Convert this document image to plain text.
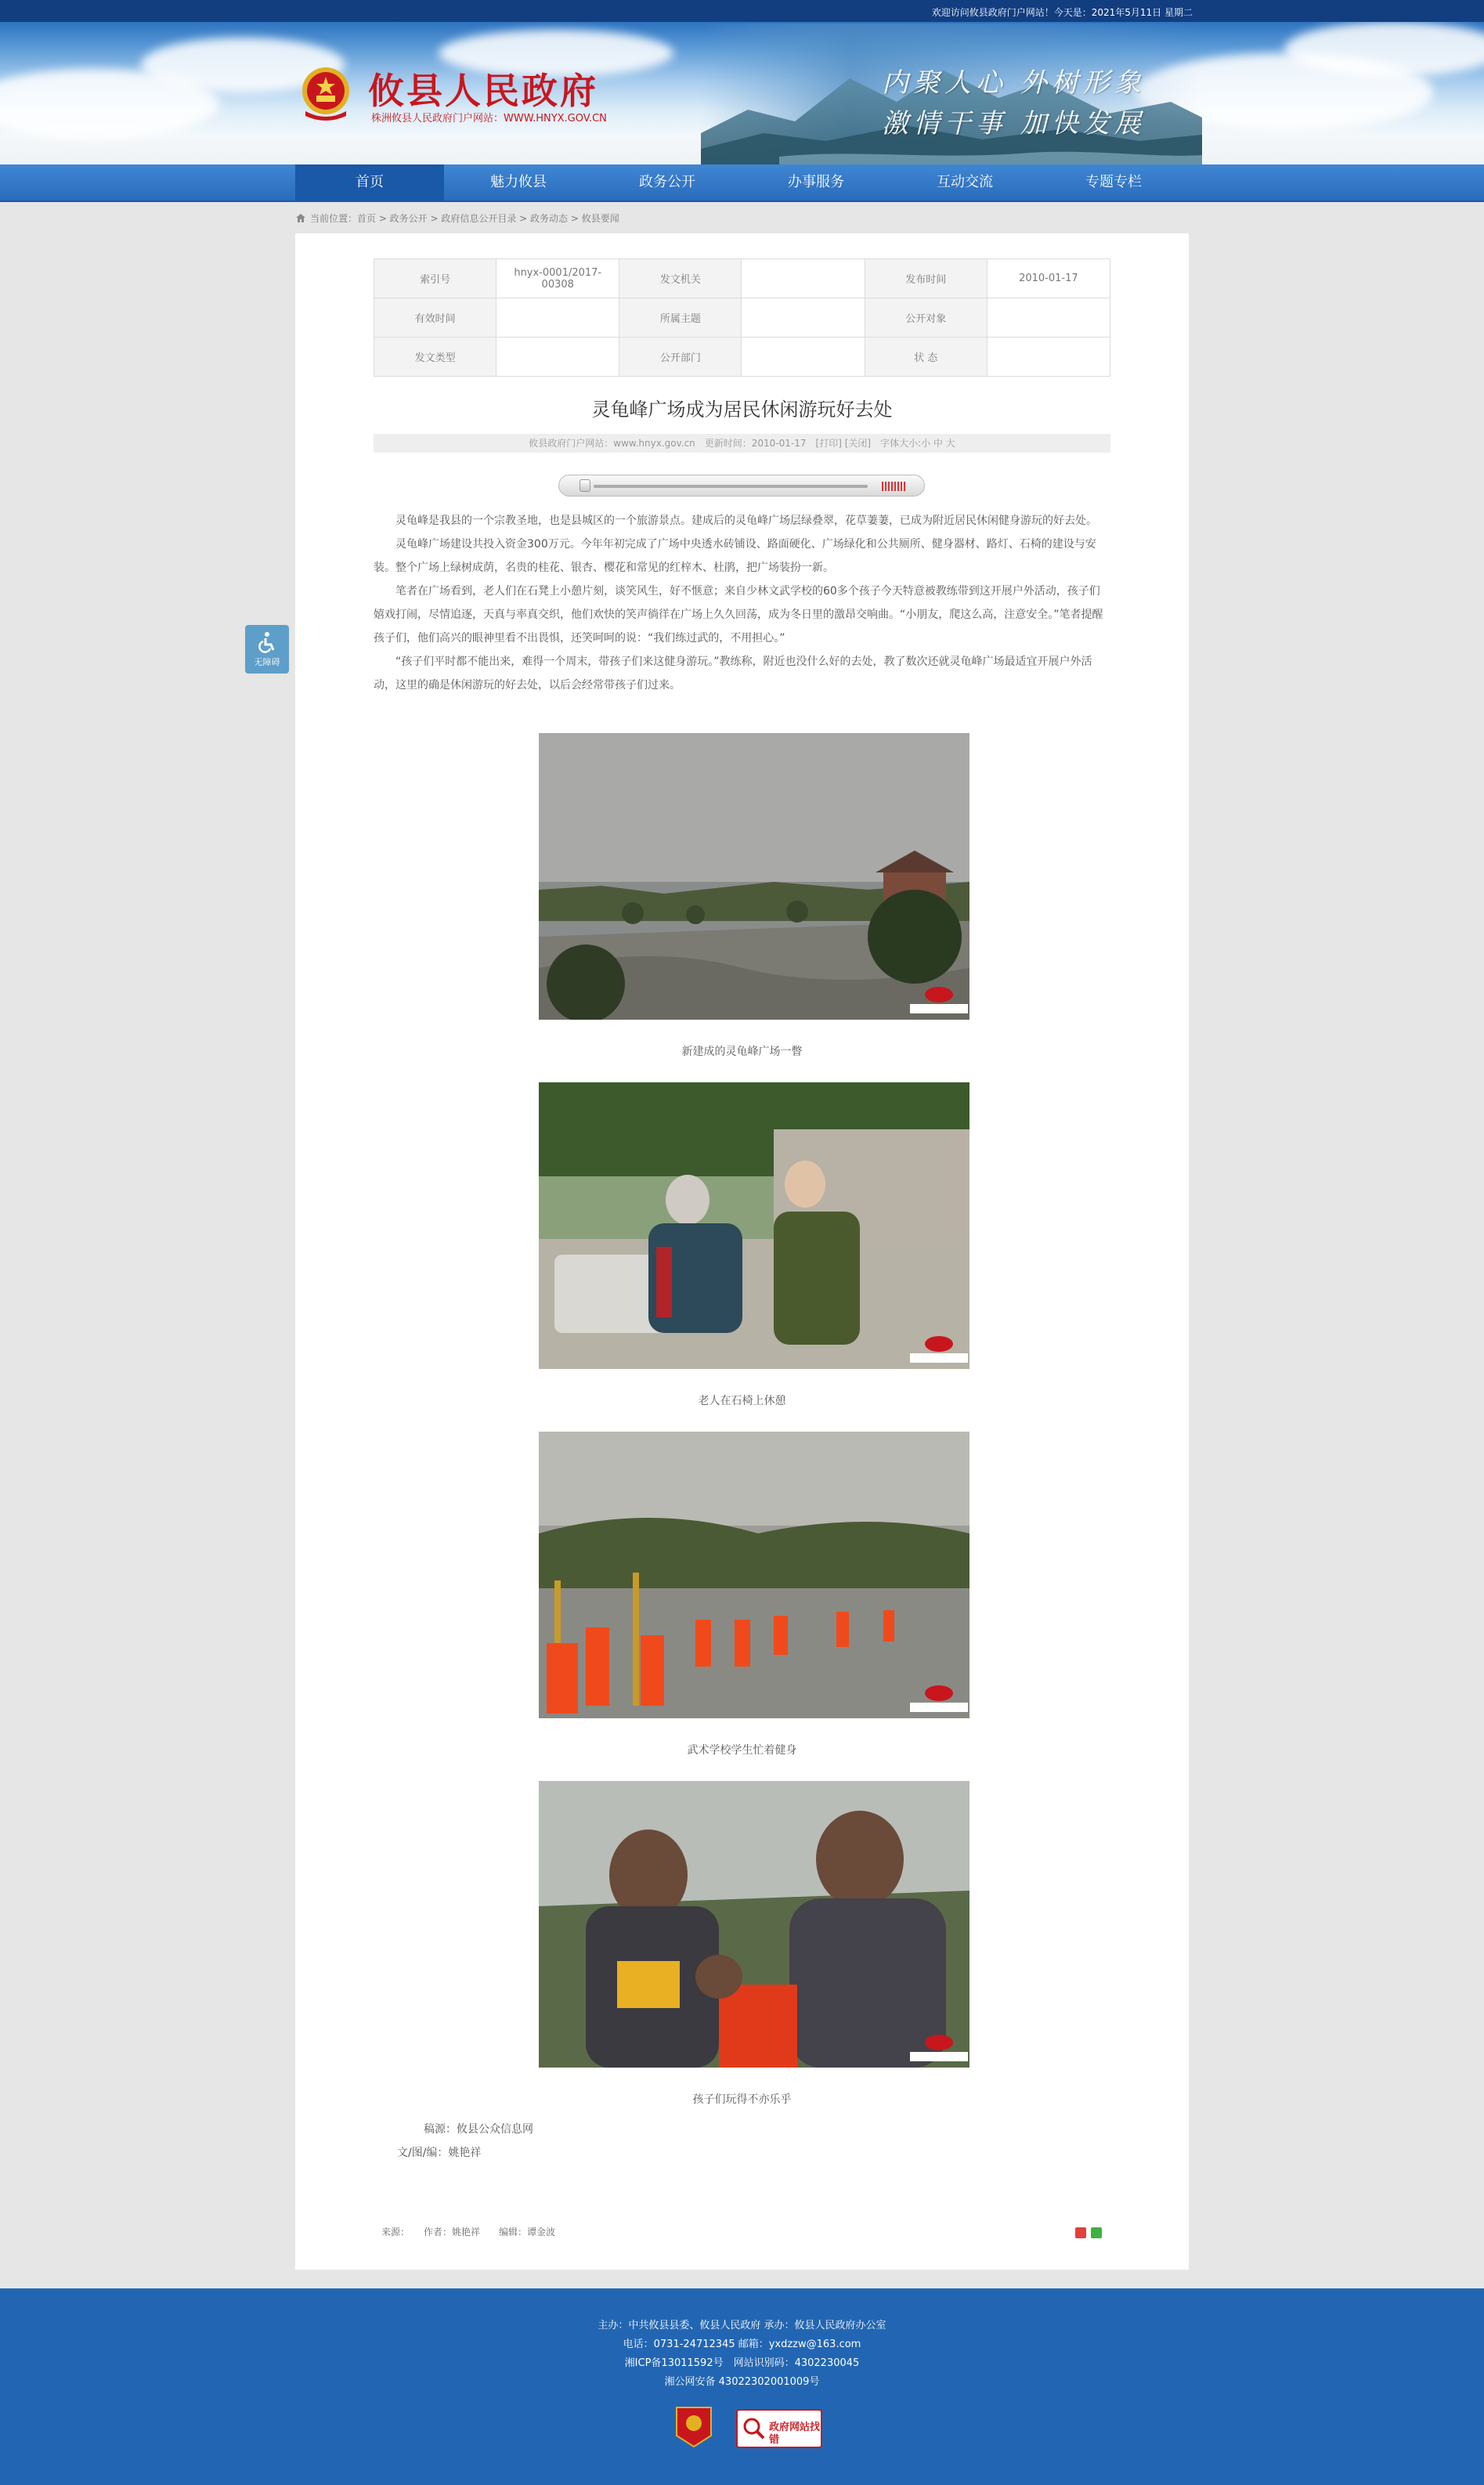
欢迎访问攸县政府门户网站！今天是：2021年5月11日 星期二
攸县人民政府
株洲攸县人民政府门户网站：WWW.HNYX.GOV.CN
内聚人心 外树形象
激情干事 加快发展
首页	魅力攸县	政务公开	办事服务	互动交流	专题专栏
当前位置：首页 > 政务公开 > 政府信息公开目录 > 政务动态 > 攸县要闻
无障碍
索引号	hnyx-0001/2017-00308	发文机关		发布时间	2010-01-17
有效时间		所属主题		公开对象	
发文类型		公开部门		状 态	
灵龟峰广场成为居民休闲游玩好去处
攸县政府门户网站：www.hnyx.gov.cn　更新时间：2010-01-17　[打印] [关闭]　字体大小:小 中 大

灵龟峰是我县的一个宗教圣地，也是县城区的一个旅游景点。建成后的灵龟峰广场层绿叠翠，花草萋萋，已成为附近居民休闲健身游玩的好去处。

灵龟峰广场建设共投入资金300万元。今年年初完成了广场中央透水砖铺设、路面硬化、广场绿化和公共厕所、健身器材、路灯、石椅的建设与安装。整个广场上绿树成荫，名贵的桂花、银杏、樱花和常见的红梓木、杜鹃，把广场装扮一新。

笔者在广场看到，老人们在石凳上小憩片刻，谈笑风生，好不惬意；来自少林文武学校的60多个孩子今天特意被教练带到这开展户外活动，孩子们嬉戏打闹，尽情追逐，天真与率真交织，他们欢快的笑声徜徉在广场上久久回荡，成为冬日里的激昂交响曲。“小朋友，爬这么高，注意安全。”笔者提醒孩子们，他们高兴的眼神里看不出畏惧，还笑呵呵的说：“我们练过武的，不用担心。”

“孩子们平时都不能出来，难得一个周末，带孩子们来这健身游玩。”教练称，附近也没什么好的去处，教了数次还就灵龟峰广场最适宜开展户外活动，这里的确是休闲游玩的好去处，以后会经常带孩子们过来。

新建成的灵龟峰广场一瞥
老人在石椅上休憩
武术学校学生忙着健身
孩子们玩得不亦乐乎
稿源：攸县公众信息网
文/图/编：姚艳祥
来源：　　作者：姚艳祥　　编辑：谭金波
主办：中共攸县县委、攸县人民政府 承办：攸县人民政府办公室
电话：0731-24712345 邮箱：yxdzzw@163.com
湘ICP备13011592号　网站识别码：4302230045
湘公网安备 43022302001009号
政府网站找错
